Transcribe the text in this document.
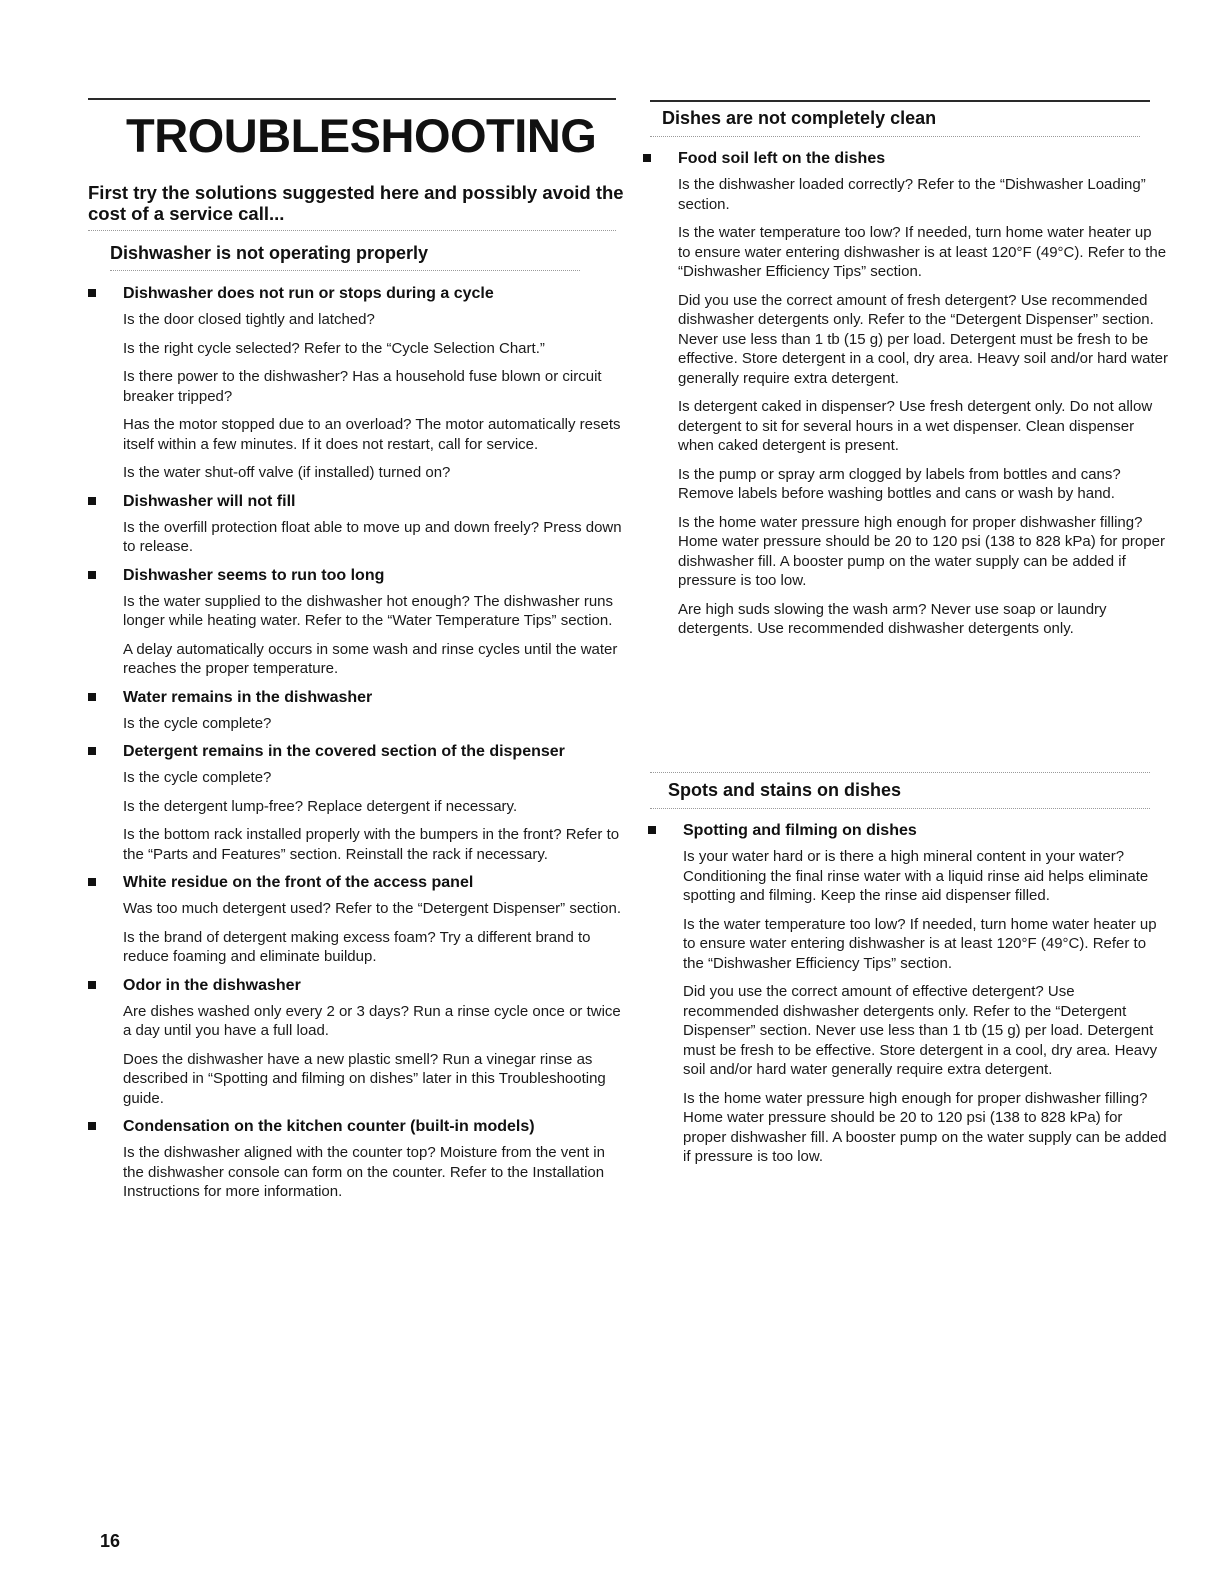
TROUBLESHOOTING
First try the solutions suggested here and possibly avoid the cost of a service call...
Dishwasher is not operating properly
Dishwasher does not run or stops during a cycle
Is the door closed tightly and latched?
Is the right cycle selected? Refer to the “Cycle Selection Chart.”
Is there power to the dishwasher? Has a household fuse blown or circuit breaker tripped?
Has the motor stopped due to an overload? The motor automatically resets itself within a few minutes. If it does not restart, call for service.
Is the water shut-off valve (if installed) turned on?
Dishwasher will not fill
Is the overfill protection float able to move up and down freely? Press down to release.
Dishwasher seems to run too long
Is the water supplied to the dishwasher hot enough? The dishwasher runs longer while heating water. Refer to the “Water Temperature Tips” section.
A delay automatically occurs in some wash and rinse cycles until the water reaches the proper temperature.
Water remains in the dishwasher
Is the cycle complete?
Detergent remains in the covered section of the dispenser
Is the cycle complete?
Is the detergent lump-free? Replace detergent if necessary.
Is the bottom rack installed properly with the bumpers in the front? Refer to the “Parts and Features” section. Reinstall the rack if necessary.
White residue on the front of the access panel
Was too much detergent used? Refer to the “Detergent Dispenser” section.
Is the brand of detergent making excess foam? Try a different brand to reduce foaming and eliminate buildup.
Odor in the dishwasher
Are dishes washed only every 2 or 3 days? Run a rinse cycle once or twice a day until you have a full load.
Does the dishwasher have a new plastic smell? Run a vinegar rinse as described in “Spotting and filming on dishes” later in this Troubleshooting guide.
Condensation on the kitchen counter (built-in models)
Is the dishwasher aligned with the counter top? Moisture from the vent in the dishwasher console can form on the counter. Refer to the Installation Instructions for more information.
Dishes are not completely clean
Food soil left on the dishes
Is the dishwasher loaded correctly? Refer to the “Dishwasher Loading” section.
Is the water temperature too low? If needed, turn home water heater up to ensure water entering dishwasher is at least 120°F (49°C). Refer to the “Dishwasher Efficiency Tips” section.
Did you use the correct amount of fresh detergent? Use recommended dishwasher detergents only. Refer to the “Detergent Dispenser” section. Never use less than 1 tb (15 g) per load. Detergent must be fresh to be effective. Store detergent in a cool, dry area. Heavy soil and/or hard water generally require extra detergent.
Is detergent caked in dispenser? Use fresh detergent only. Do not allow detergent to sit for several hours in a wet dispenser. Clean dispenser when caked detergent is present.
Is the pump or spray arm clogged by labels from bottles and cans? Remove labels before washing bottles and cans or wash by hand.
Is the home water pressure high enough for proper dishwasher filling? Home water pressure should be 20 to 120 psi (138 to 828 kPa) for proper dishwasher fill. A booster pump on the water supply can be added if pressure is too low.
Are high suds slowing the wash arm? Never use soap or laundry detergents. Use recommended dishwasher detergents only.
Spots and stains on dishes
Spotting and filming on dishes
Is your water hard or is there a high mineral content in your water? Conditioning the final rinse water with a liquid rinse aid helps eliminate spotting and filming. Keep the rinse aid dispenser filled.
Is the water temperature too low? If needed, turn home water heater up to ensure water entering dishwasher is at least 120°F (49°C). Refer to the “Dishwasher Efficiency Tips” section.
Did you use the correct amount of effective detergent? Use recommended dishwasher detergents only. Refer to the “Detergent Dispenser” section. Never use less than 1 tb (15 g) per load. Detergent must be fresh to be effective. Store detergent in a cool, dry area. Heavy soil and/or hard water generally require extra detergent.
Is the home water pressure high enough for proper dishwasher filling? Home water pressure should be 20 to 120 psi (138 to 828 kPa) for proper dishwasher fill. A booster pump on the water supply can be added if pressure is too low.
16
